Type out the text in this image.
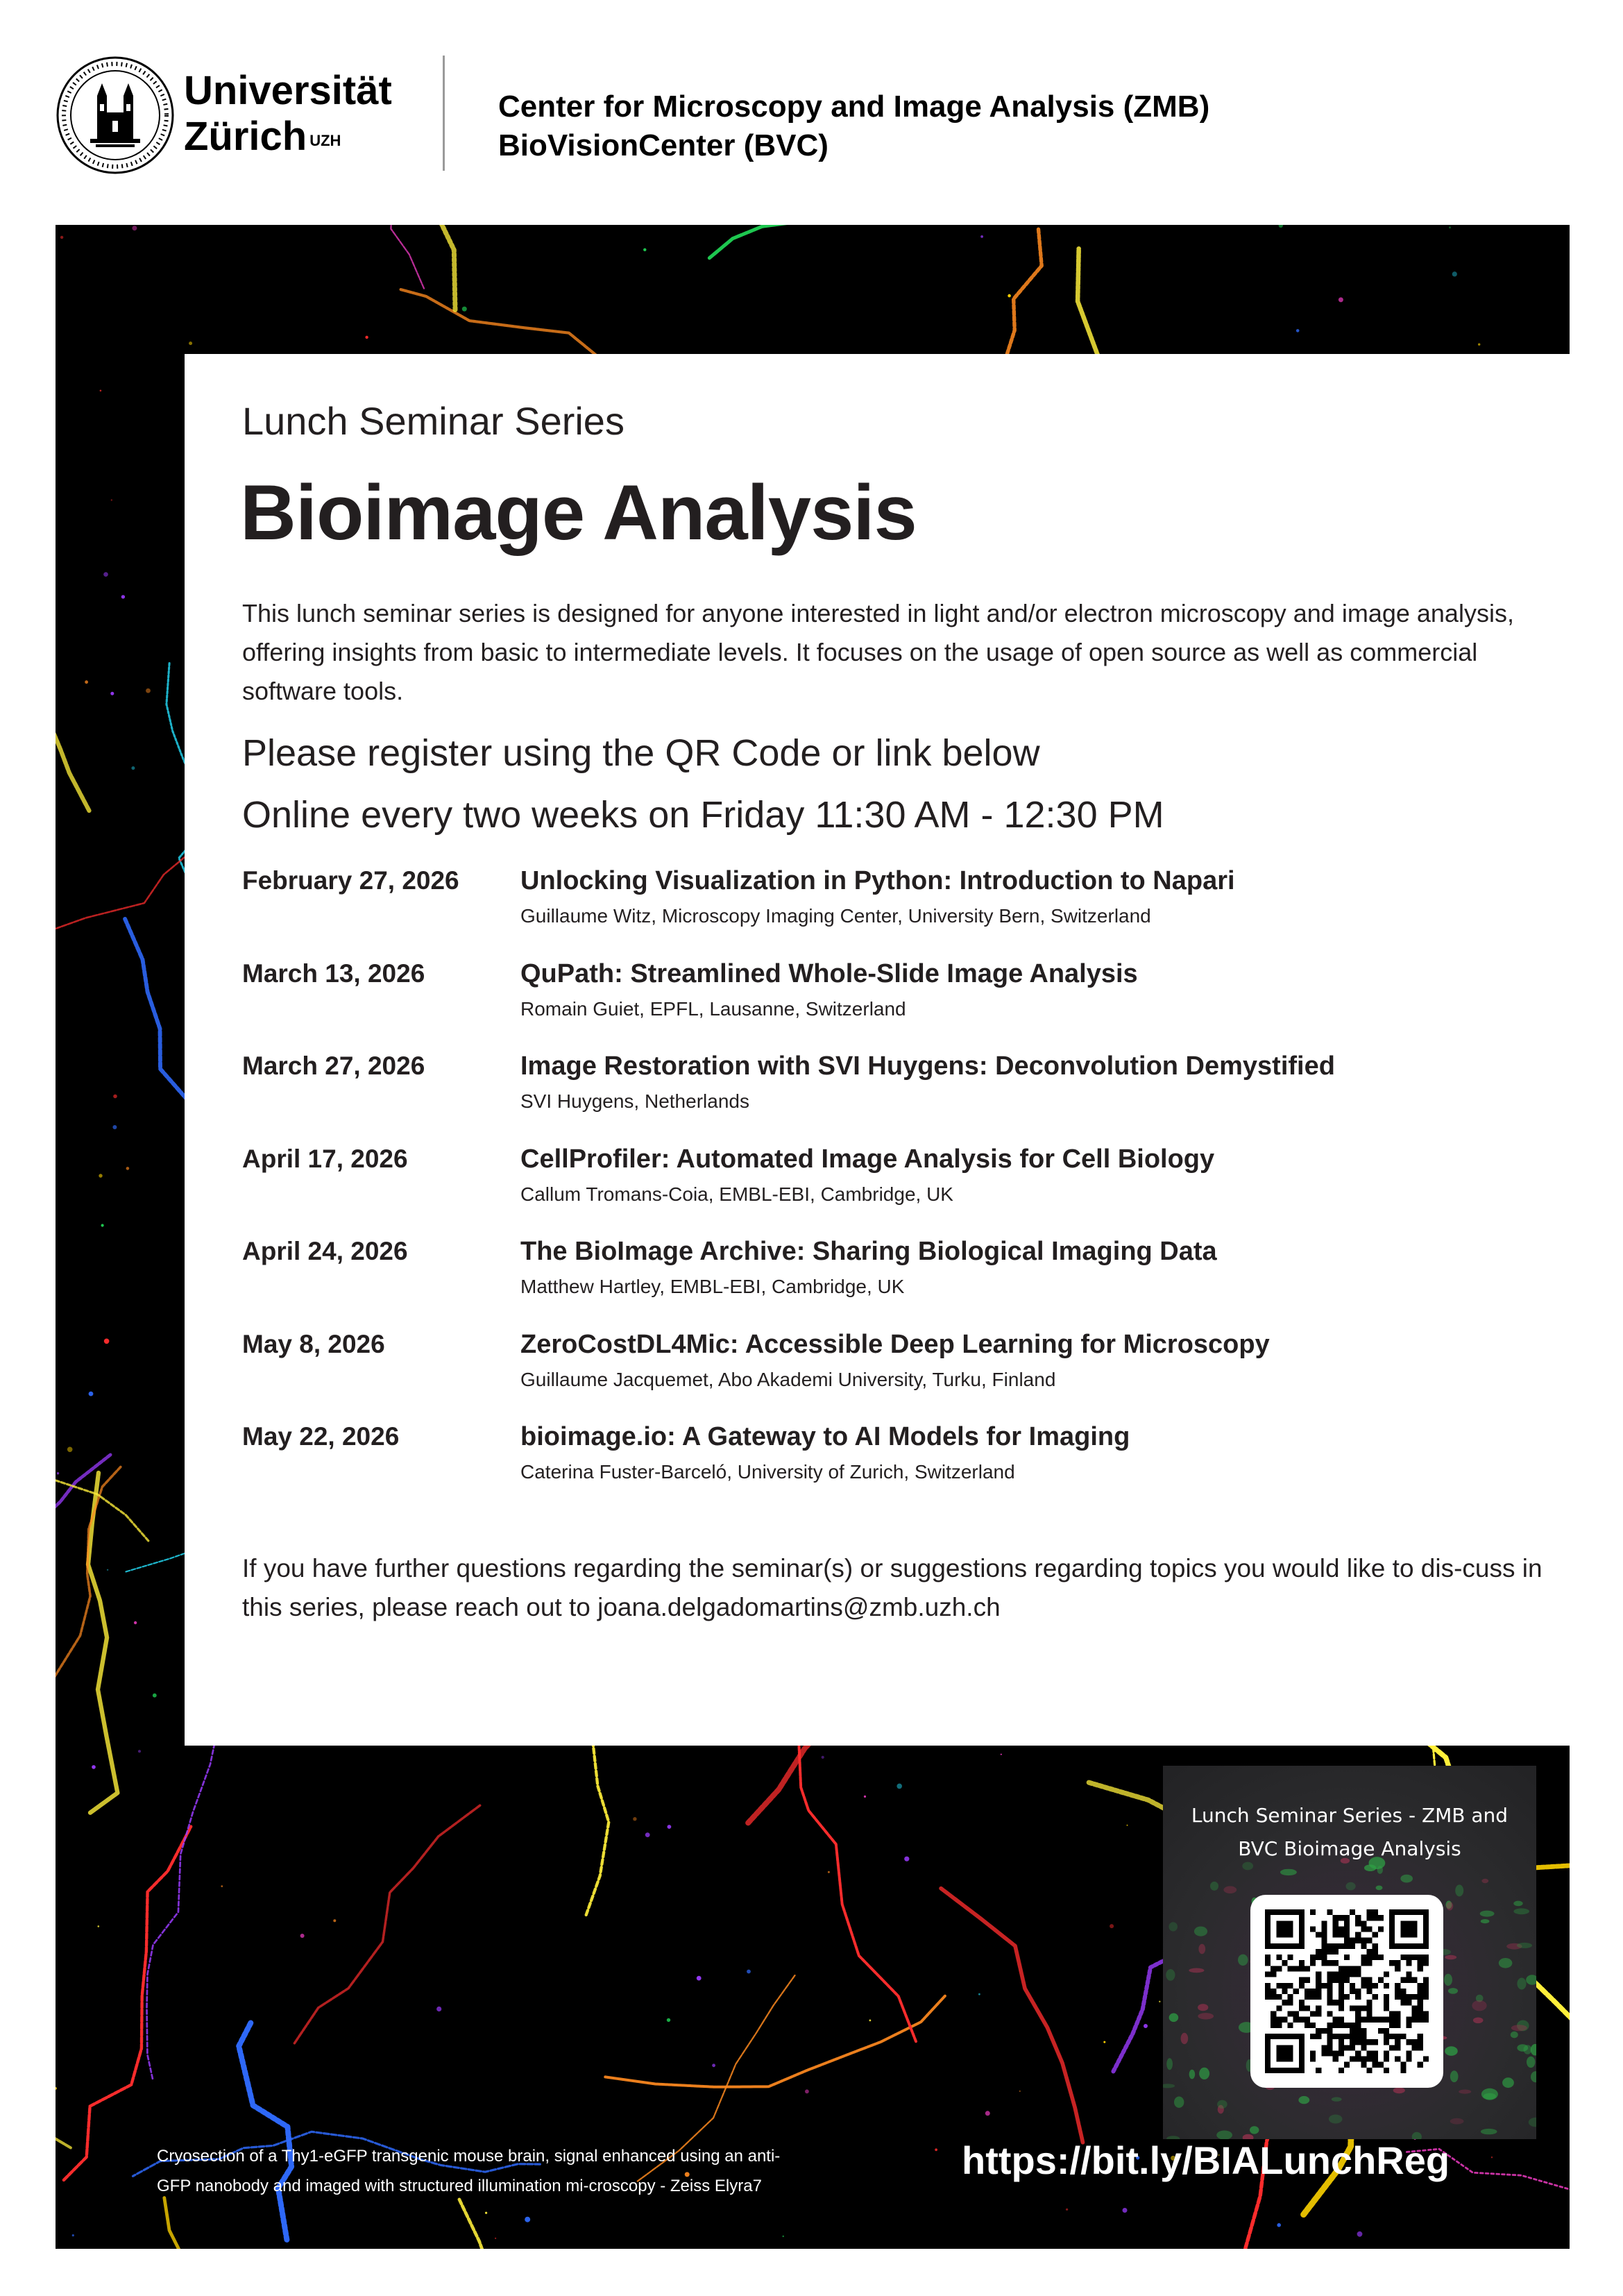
Universität
Zürich $^{UZH}$
Center for Microscopy and Image Analysis (ZMB)
BioVisionCenter (BVC)
Lunch Seminar Series
Bioimage Analysis
This lunch seminar series is designed for anyone interested in light and/or electron microscopy and image analysis, offering insights from basic to intermediate levels. It focuses on the usage of open source as well as commercial software tools.
Please register using the QR Code or link below
Online every two weeks on Friday 11:30 AM - 12:30 PM
February 27, 2026 Unlocking Visualization in Python: Introduction to Napari
Guillaume Witz, Microscopy Imaging Center, University Bern, Switzerland
March 13, 2026	QuPath: Streamlined Whole-Slide Image Analysis
Romain Guiet, EPFL, Lausanne, Switzerland
March 27, 2026	Image Restoration with SVI Huygens: Deconvolution Demystified
SVI Huygens, Netherlands
April 17, 2026	CellProfiler: Automated Image Analysis for Cell Biology
Callum Tromans-Coia, EMBL-EBI, Cambridge, UK
April 24, 2026	The BioImage Archive: Sharing Biological Imaging Data
Matthew Hartley, EMBL-EBI, Cambridge, UK
May 8, 2026	ZeroCostDL4Mic: Accessible Deep Learning for Microscopy
Guillaume Jacquemet, Abo Akademi University, Turku, Finland
May 22, 2026	bioimage.io: A Gateway to AI Models for Imaging
Caterina Fuster-Barceló, University of Zurich, Switzerland
If you have further questions regarding the seminar(s) or suggestions regarding topics you would like to dis-cuss in this series, please reach out to joana.delgadomartins@zmb.uzh.ch
Lunch Seminar Series - ZMB and
BVC Bioimage Analysis
https://bit.ly/BIALunchReg
Cryosection of a Thy1-eGFP transgenic mouse brain, signal enhanced using an anti-GFP nanobody and imaged with structured illumination mi-croscopy - Zeiss Elyra7
